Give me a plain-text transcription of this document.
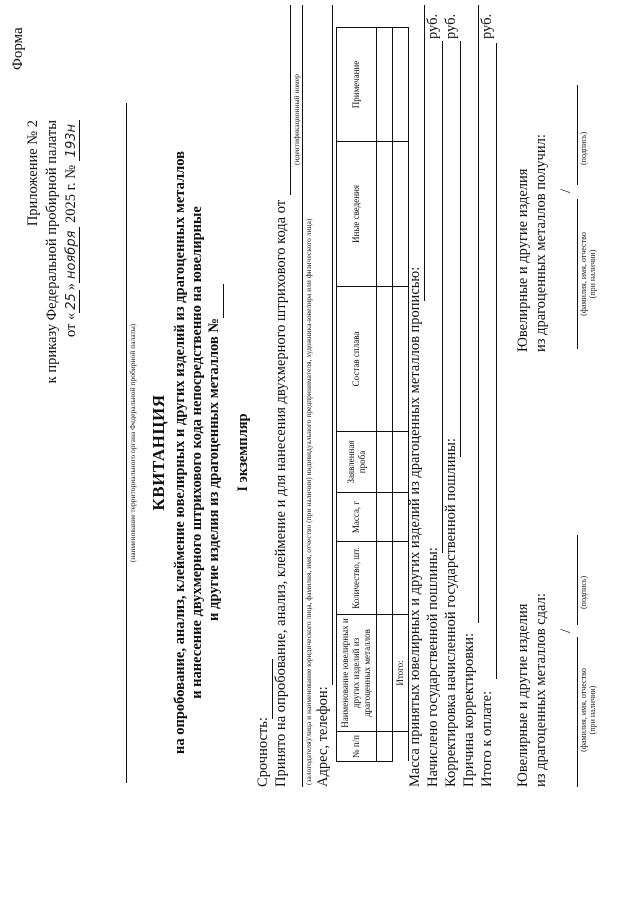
Приложение № 2 к приказу Федеральной пробирной палаты от «25»ноября 2025 г. № 193н
Форма
(наименование территориального органа Федеральной пробирной палаты) КВИТАНЦИЯ на опробование, анализ, клеймение ювелирных и других изделий из драгоценных металлов и нанесение двухмерного штрихового кода непосредственно на ювелирные и другие изделия из драгоценных металлов № I экземпляр
Срочность: Принято на опробование, анализ, клеймение и для нанесения двухмерного штрихового кода от
(идентификационный номер
(залогодателя)/лица и наименование юридического лица, фамилия, имя, отчество (при наличии) индивидуального предпринимателя, художника-ювелира или физического лица) Адрес, телефон: № п/п	Наименование ювелирных и других изделий из драгоценных металлов	Количество, шт.	Масса, г	Заявленная проба	Состав сплава	Иные сведения	Примечание

	Итого:						Масса принятых ювелирных и других изделий из драгоценных металлов прописью: Начислено государственной пошлины:
руб.
Корректировка начисленной государственной пошлины:
руб.
Причина корректировки: Итого к оплате:
руб.
Ювелирные и другие изделия из драгоценных металлов сдал: /
(фамилия, имя, отчество (при наличии)
(подпись)
Ювелирные и другие изделия из драгоценных металлов получил: /
(фамилия, имя, отчество (при наличии)
(подпись)
